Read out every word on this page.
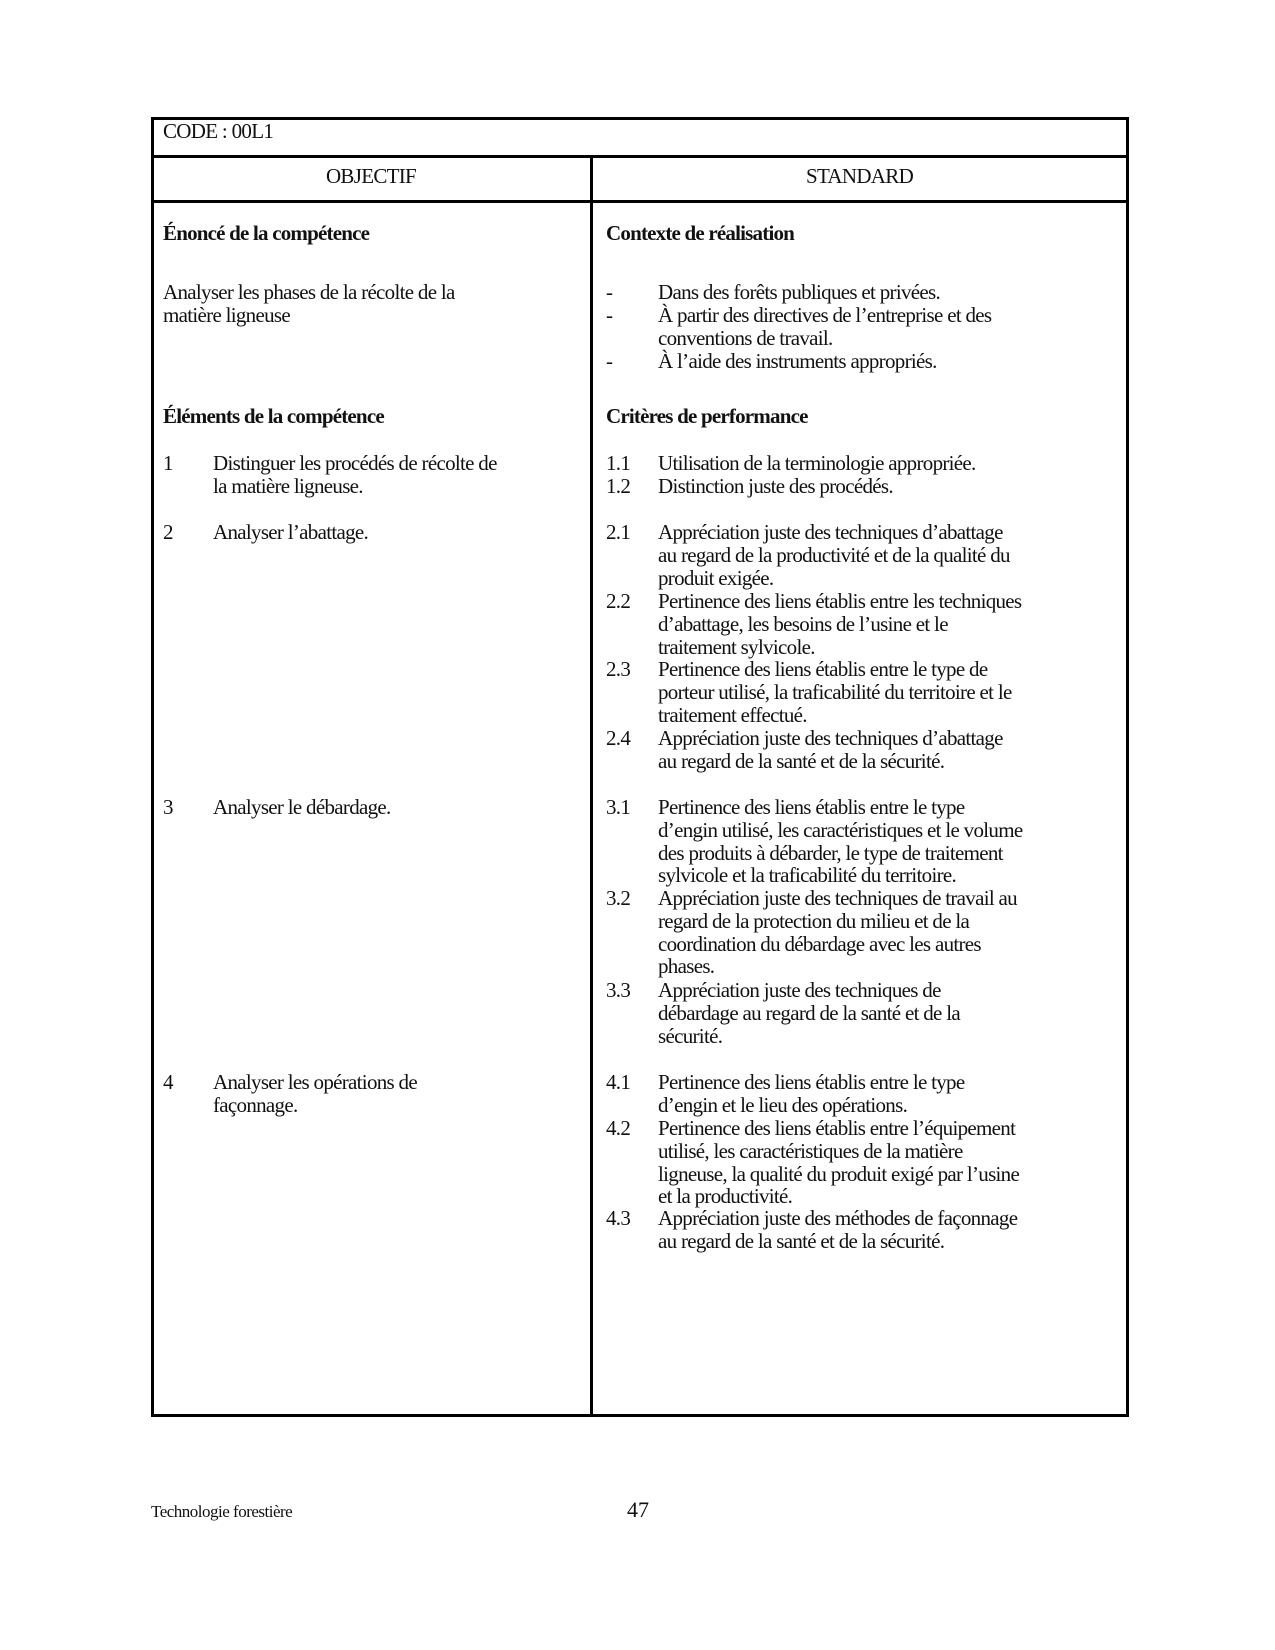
CODE : 00L1
OBJECTIF	STANDARD
Énoncé de la compétence
Analyser les phases de la récolte de la
matière ligneuse
Contexte de réalisation
- Dans des forêts publiques et privées.
- À partir des directives de l’entreprise et des
conventions de travail.
- À l’aide des instruments appropriés.
Éléments de la compétence
1 Distinguer les procédés de récolte de
la matière ligneuse.
2 Analyser l’abattage.
3 Analyser le débardage.
4 Analyser les opérations de
façonnage.
Critères de performance
1.1 Utilisation de la terminologie appropriée.
1.2 Distinction juste des procédés.
2.1 Appréciation juste des techniques d’abattage
au regard de la productivité et de la qualité du
produit exigée.
2.2 Pertinence des liens établis entre les techniques
d’abattage, les besoins de l’usine et le
traitement sylvicole.
2.3 Pertinence des liens établis entre le type de
porteur utilisé, la traficabilité du territoire et le
traitement effectué.
2.4 Appréciation juste des techniques d’abattage
au regard de la santé et de la sécurité.
3.1 Pertinence des liens établis entre le type
d’engin utilisé, les caractéristiques et le volume
des produits à débarder, le type de traitement
sylvicole et la traficabilité du territoire.
3.2 Appréciation juste des techniques de travail au
regard de la protection du milieu et de la
coordination du débardage avec les autres
phases.
3.3 Appréciation juste des techniques de
débardage au regard de la santé et de la
sécurité.
4.1 Pertinence des liens établis entre le type
d’engin et le lieu des opérations.
4.2 Pertinence des liens établis entre l’équipement
utilisé, les caractéristiques de la matière
ligneuse, la qualité du produit exigé par l’usine
et la productivité.
4.3 Appréciation juste des méthodes de façonnage
au regard de la santé et de la sécurité.
Technologie forestière	47
